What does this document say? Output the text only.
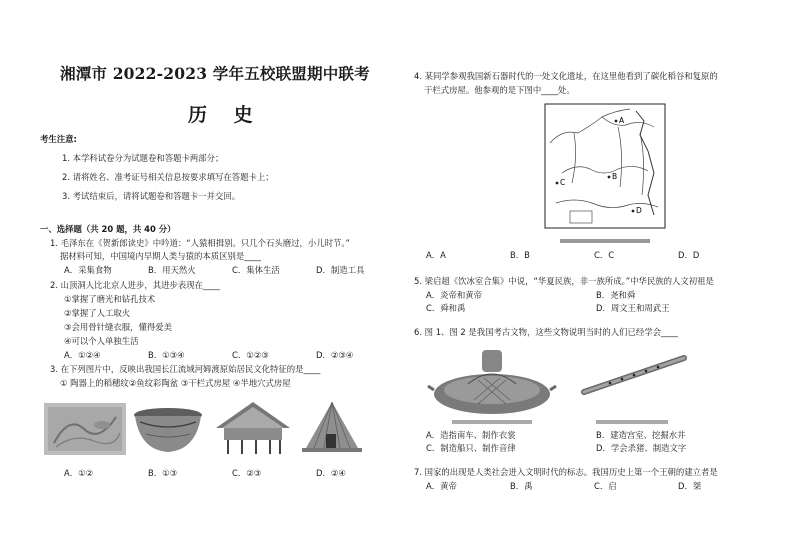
湘潭市 2022-2023 学年五校联盟期中联考
历 史
考生注意:
1. 本学科试卷分为试题卷和答题卡两部分；
2. 请将姓名、准考证号相关信息按要求填写在答题卡上；
3. 考试结束后，请将试题卷和答题卡一并交回。
一、选择题（共 20 题，共 40 分）
1. 毛泽东在《贺新郎读史》中吟道：“人猿相揖别。只几个石头磨过，小儿时节。”
据材料可知，中国境内早期人类与猿的本质区别是____
A．采集食物	B．用天然火	C．集体生活	D．制造工具
2. 山顶洞人比北京人进步，其进步表现在____
①掌握了磨光和钻孔技术
②掌握了人工取火
③会用骨针缝衣服，懂得爱美
④可以个人单独生活
A．①②④	B．①③④	C．①②③	D．②③④
3. 在下列图片中，反映出我国长江流域河姆渡原始居民文化特征的是____
① 陶器上的稻穗纹②鱼纹彩陶盆 ③干栏式房屋 ④半地穴式房屋
A．①②	B．①③	C．②③	D．②④
4. 某同学参观我国新石器时代的一处文化遗址，在这里他看到了碳化稻谷和复原的
干栏式房屋。他参观的是下图中____处。
A
B
C
D
A．A	B．B	C．C	D．D
5. 梁启超《饮冰室合集》中说，“华夏民族，非一族所成。”中华民族的人文初祖是
A．炎帝和黄帝	B．尧和舜
C．舜和禹	D．周文王和周武王
6. 图 1、图 2 是我国考古文物，这些文物说明当时的人们已经学会____
A．造指南车、制作衣裳	B．建造宫室、挖掘水井
C．制造船只、制作音律	D．学会杀猪、制造文字
7. 国家的出现是人类社会进入文明时代的标志。我国历史上第一个王朝的建立者是
A．黄帝	B．禹	C．启	D．桀
